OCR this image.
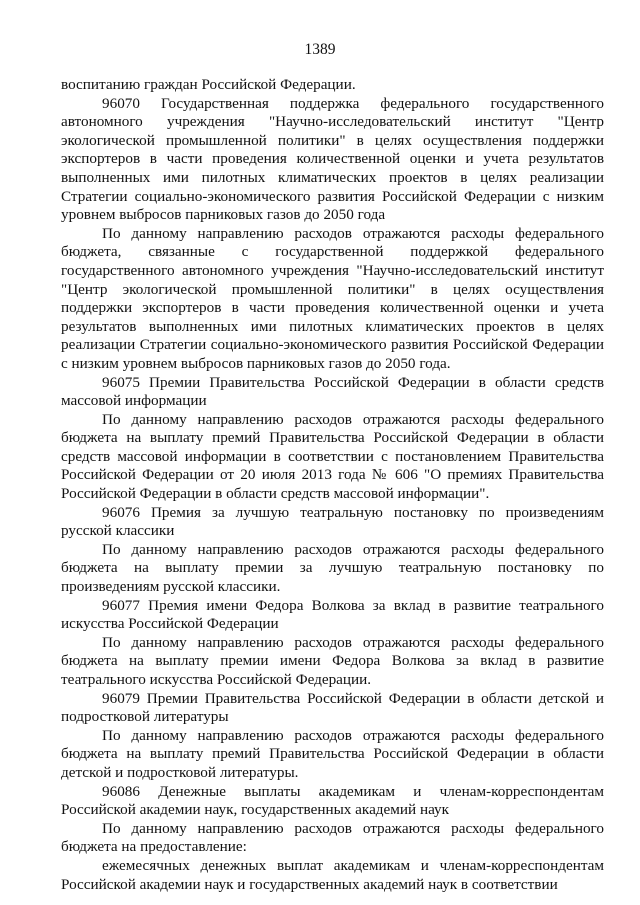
1389

воспитанию граждан Российской Федерации.

96070 Государственная поддержка федерального государственного автономного учреждения "Научно-исследовательский институт "Центр экологической промышленной политики" в целях осуществления поддержки экспортеров в части проведения количественной оценки и учета результатов выполненных ими пилотных климатических проектов в целях реализации Стратегии социально-экономического развития Российской Федерации с низким уровнем выбросов парниковых газов до 2050 года

По данному направлению расходов отражаются расходы федерального бюджета, связанные с государственной поддержкой федерального государственного автономного учреждения "Научно-исследовательский институт "Центр экологической промышленной политики" в целях осуществления поддержки экспортеров в части проведения количественной оценки и учета результатов выполненных ими пилотных климатических проектов в целях реализации Стратегии социально-экономического развития Российской Федерации с низким уровнем выбросов парниковых газов до 2050 года.

96075 Премии Правительства Российской Федерации в области средств массовой информации

По данному направлению расходов отражаются расходы федерального бюджета на выплату премий Правительства Российской Федерации в области средств массовой информации в соответствии с постановлением Правительства Российской Федерации от 20 июля 2013 года № 606 "О премиях Правительства Российской Федерации в области средств массовой информации".

96076 Премия за лучшую театральную постановку по произведениям русской классики

По данному направлению расходов отражаются расходы федерального бюджета на выплату премии за лучшую театральную постановку по произведениям русской классики.

96077 Премия имени Федора Волкова за вклад в развитие театрального искусства Российской Федерации

По данному направлению расходов отражаются расходы федерального бюджета на выплату премии имени Федора Волкова за вклад в развитие театрального искусства Российской Федерации.

96079 Премии Правительства Российской Федерации в области детской и подростковой литературы

По данному направлению расходов отражаются расходы федерального бюджета на выплату премий Правительства Российской Федерации в области детской и подростковой литературы.

96086 Денежные выплаты академикам и членам-корреспондентам Российской академии наук, государственных академий наук

По данному направлению расходов отражаются расходы федерального бюджета на предоставление:

ежемесячных денежных выплат академикам и членам-корреспондентам Российской академии наук и государственных академий наук в соответствии
